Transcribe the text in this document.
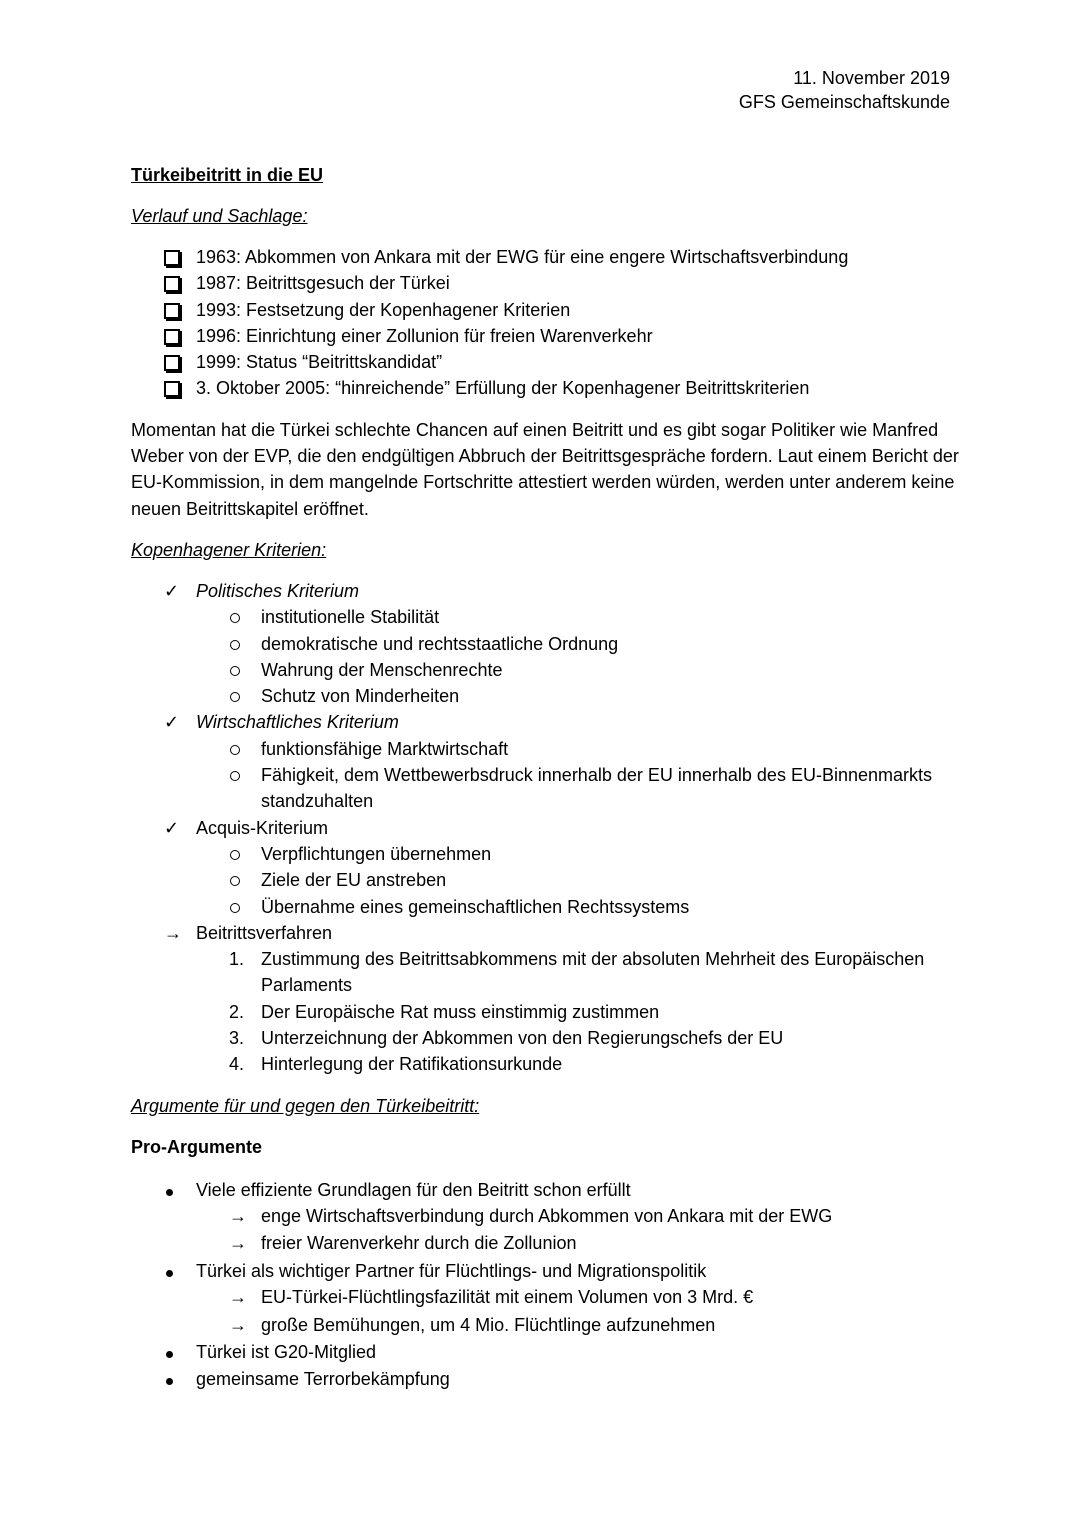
11. November 2019
GFS Gemeinschaftskunde
Türkeibeitritt in die EU
Verlauf und Sachlage:
1963: Abkommen von Ankara mit der EWG für eine engere Wirtschaftsverbindung
1987: Beitrittsgesuch der Türkei
1993: Festsetzung der Kopenhagener Kriterien
1996: Einrichtung einer Zollunion für freien Warenverkehr
1999: Status “Beitrittskandidat”
3. Oktober 2005: “hinreichende” Erfüllung der Kopenhagener Beitrittskriterien
Momentan hat die Türkei schlechte Chancen auf einen Beitritt und es gibt sogar Politiker wie Manfred Weber von der EVP, die den endgültigen Abbruch der Beitrittsgespräche fordern. Laut einem Bericht der EU-Kommission, in dem mangelnde Fortschritte attestiert werden würden, werden unter anderem keine neuen Beitrittskapitel eröffnet.
Kopenhagener Kriterien:
✓ Politisches Kriterium
institutionelle Stabilität
demokratische und rechtsstaatliche Ordnung
Wahrung der Menschenrechte
Schutz von Minderheiten
✓ Wirtschaftliches Kriterium
funktionsfähige Marktwirtschaft
Fähigkeit, dem Wettbewerbsdruck innerhalb der EU innerhalb des EU-Binnenmarkts standzuhalten
✓ Acquis-Kriterium
Verpflichtungen übernehmen
Ziele der EU anstreben
Übernahme eines gemeinschaftlichen Rechtssystems
→ Beitrittsverfahren
1. Zustimmung des Beitrittsabkommens mit der absoluten Mehrheit des Europäischen Parlaments
2. Der Europäische Rat muss einstimmig zustimmen
3. Unterzeichnung der Abkommen von den Regierungschefs der EU
4. Hinterlegung der Ratifikationsurkunde
Argumente für und gegen den Türkeibeitritt:
Pro-Argumente
Viele effiziente Grundlagen für den Beitritt schon erfüllt
→ enge Wirtschaftsverbindung durch Abkommen von Ankara mit der EWG
→ freier Warenverkehr durch die Zollunion
Türkei als wichtiger Partner für Flüchtlings- und Migrationspolitik
→ EU-Türkei-Flüchtlingsfazilität mit einem Volumen von 3 Mrd. €
→ große Bemühungen, um 4 Mio. Flüchtlinge aufzunehmen
Türkei ist G20-Mitglied
gemeinsame Terrorbekämpfung
